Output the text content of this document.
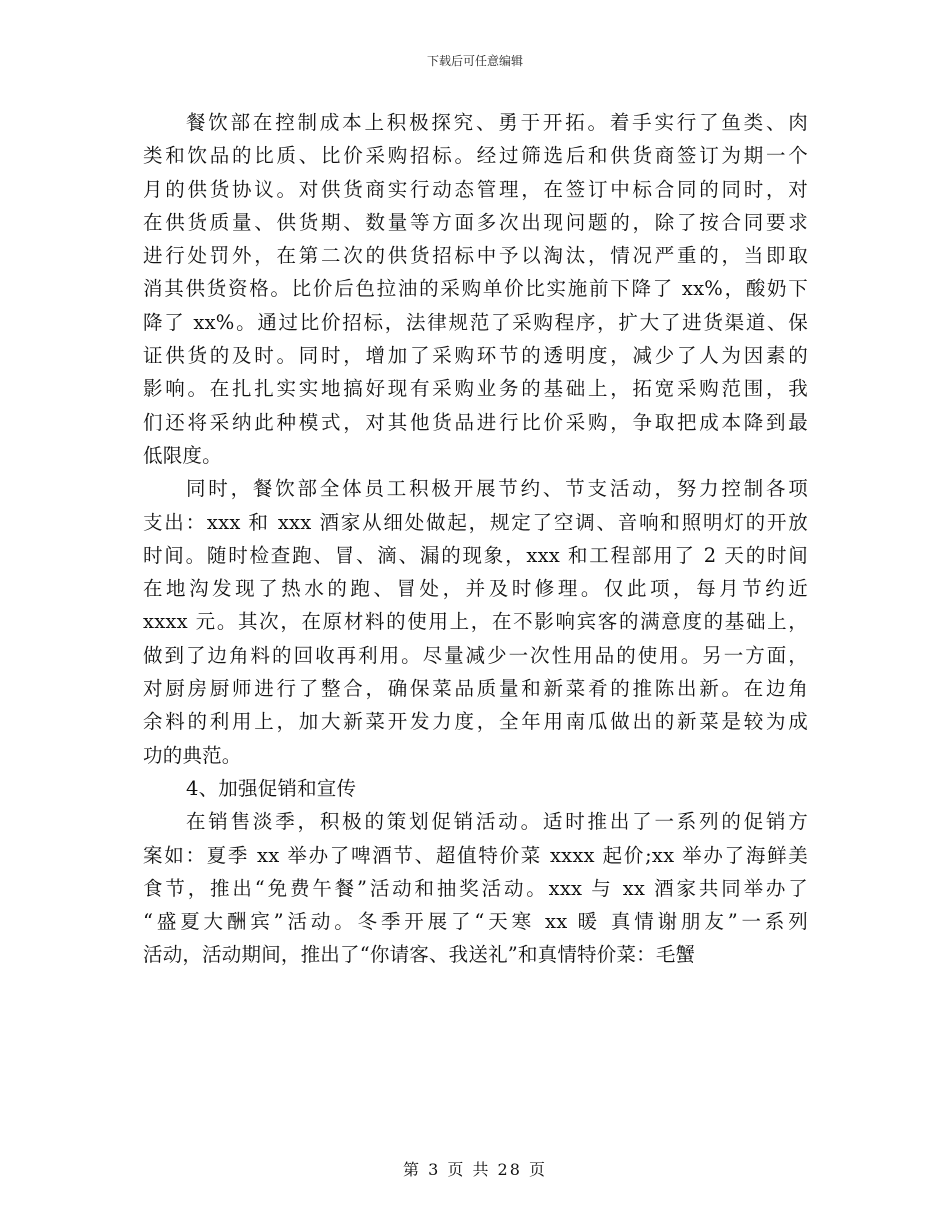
下载后可任意编辑
餐饮部在控制成本上积极探究、勇于开拓。着手实行了鱼类、肉
类和饮品的比质、比价采购招标。经过筛选后和供货商签订为期一个
月的供货协议。对供货商实行动态管理，在签订中标合同的同时，对
在供货质量、供货期、数量等方面多次出现问题的，除了按合同要求
进行处罚外，在第二次的供货招标中予以淘汰，情况严重的，当即取
消其供货资格。比价后色拉油的采购单价比实施前下降了 xx%，酸奶下
降了 xx%。通过比价招标，法律规范了采购程序，扩大了进货渠道、保
证供货的及时。同时，增加了采购环节的透明度，减少了人为因素的
影响。在扎扎实实地搞好现有采购业务的基础上，拓宽采购范围，我
们还将采纳此种模式，对其他货品进行比价采购，争取把成本降到最
低限度。
同时，餐饮部全体员工积极开展节约、节支活动，努力控制各项
支出：xxx 和 xxx 酒家从细处做起，规定了空调、音响和照明灯的开放
时间。随时检查跑、冒、滴、漏的现象，xxx 和工程部用了 2 天的时间
在地沟发现了热水的跑、冒处，并及时修理。仅此项，每月节约近
xxxx 元。其次，在原材料的使用上，在不影响宾客的满意度的基础上，
做到了边角料的回收再利用。尽量减少一次性用品的使用。另一方面，
对厨房厨师进行了整合，确保菜品质量和新菜肴的推陈出新。在边角
余料的利用上，加大新菜开发力度，全年用南瓜做出的新菜是较为成
功的典范。
4、加强促销和宣传
在销售淡季，积极的策划促销活动。适时推出了一系列的促销方
案如：夏季 xx 举办了啤酒节、超值特价菜 xxxx 起价;xx 举办了海鲜美
食节，推出“免费午餐”活动和抽奖活动。xxx 与 xx 酒家共同举办了
“盛夏大酬宾”活动。冬季开展了“天寒 xx 暖 真情谢朋友”一系列
活动，活动期间，推出了“你请客、我送礼”和真情特价菜：毛蟹
第 3 页 共 28 页
